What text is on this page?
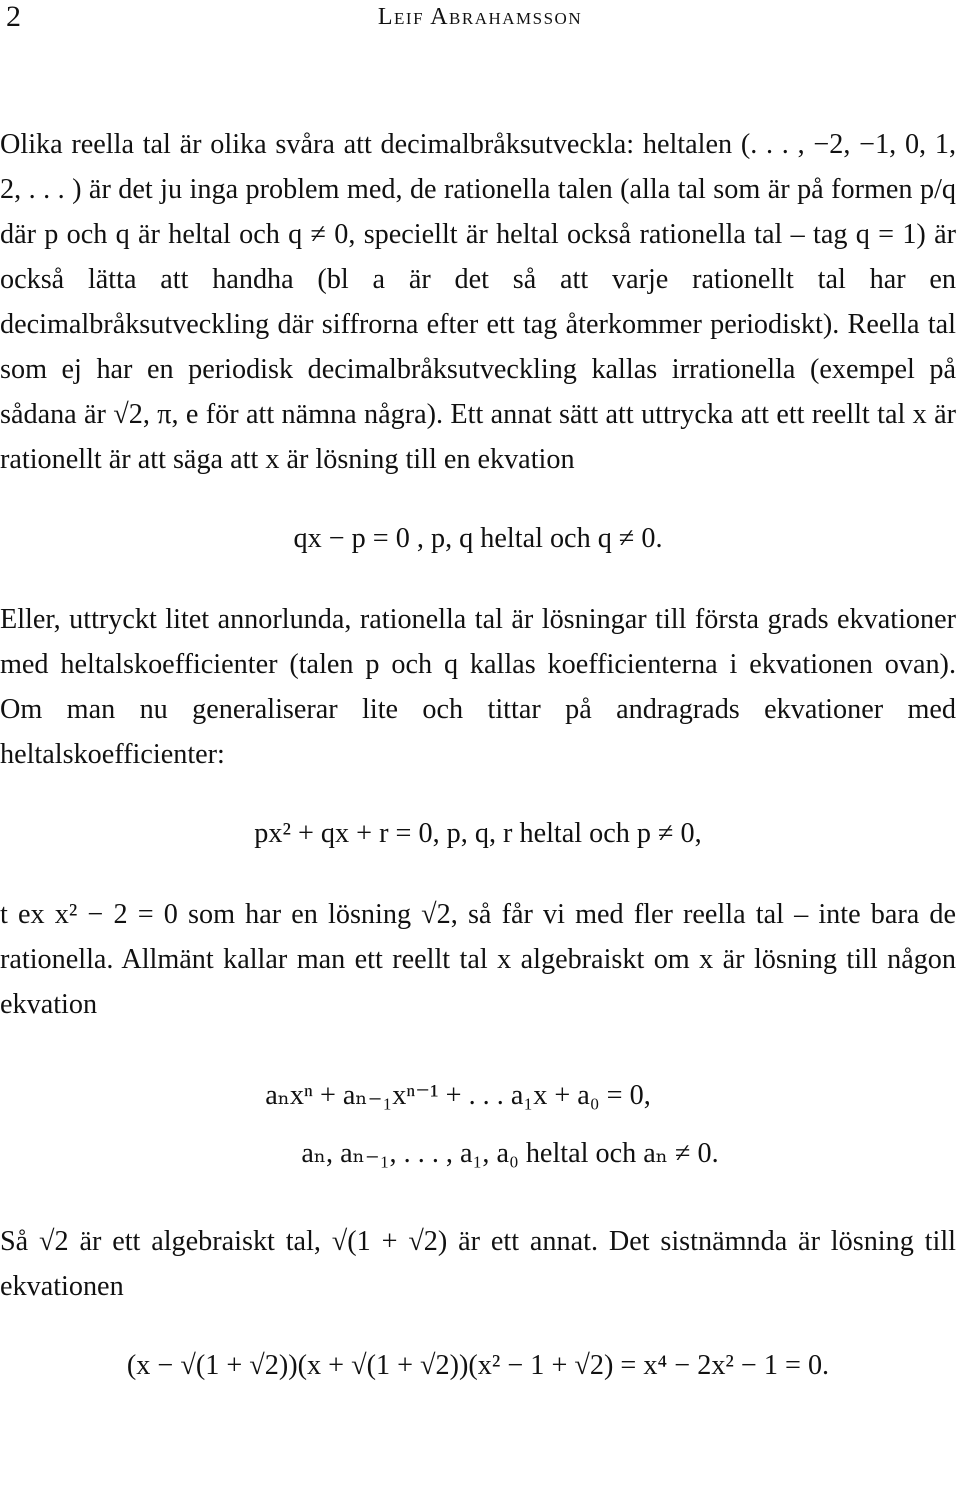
2	Leif Abrahamsson

Olika reella tal är olika svåra att decimalbråksutveckla: heltalen (. . . , −2, −1, 0, 1, 2, . . . ) är det ju inga problem med, de rationella talen (alla tal som är på formen p/q där p och q är heltal och q ≠ 0, speciellt är heltal också rationella tal – tag q = 1) är också lätta att handha (bl a är det så att varje rationellt tal har en decimalbråksutveckling där siffrorna efter ett tag återkommer periodiskt). Reella tal som ej har en periodisk decimalbråksutveckling kallas irrationella (exempel på sådana är √2, π, e för att nämna några). Ett annat sätt att uttrycka att ett reellt tal x är rationellt är att säga att x är lösning till en ekvation

qx − p = 0 , p, q heltal och q ≠ 0.

Eller, uttryckt litet annorlunda, rationella tal är lösningar till första grads ekvationer med heltalskoefficienter (talen p och q kallas koefficienterna i ekvationen ovan). Om man nu generaliserar lite och tittar på andragrads ekvationer med heltalskoefficienter:

px² + qx + r = 0, p, q, r heltal och p ≠ 0,

t ex x² − 2 = 0 som har en lösning √2, så får vi med fler reella tal – inte bara de rationella. Allmänt kallar man ett reellt tal x algebraiskt om x är lösning till någon ekvation

aₙxⁿ + aₙ₋₁xⁿ⁻¹ + . . . a₁x + a₀ = 0,
aₙ, aₙ₋₁, . . . , a₁, a₀ heltal och aₙ ≠ 0.

Så √2 är ett algebraiskt tal, √(1 + √2) är ett annat. Det sistnämnda är lösning till ekvationen

(x − √(1 + √2))(x + √(1 + √2))(x² − 1 + √2) = x⁴ − 2x² − 1 = 0.
